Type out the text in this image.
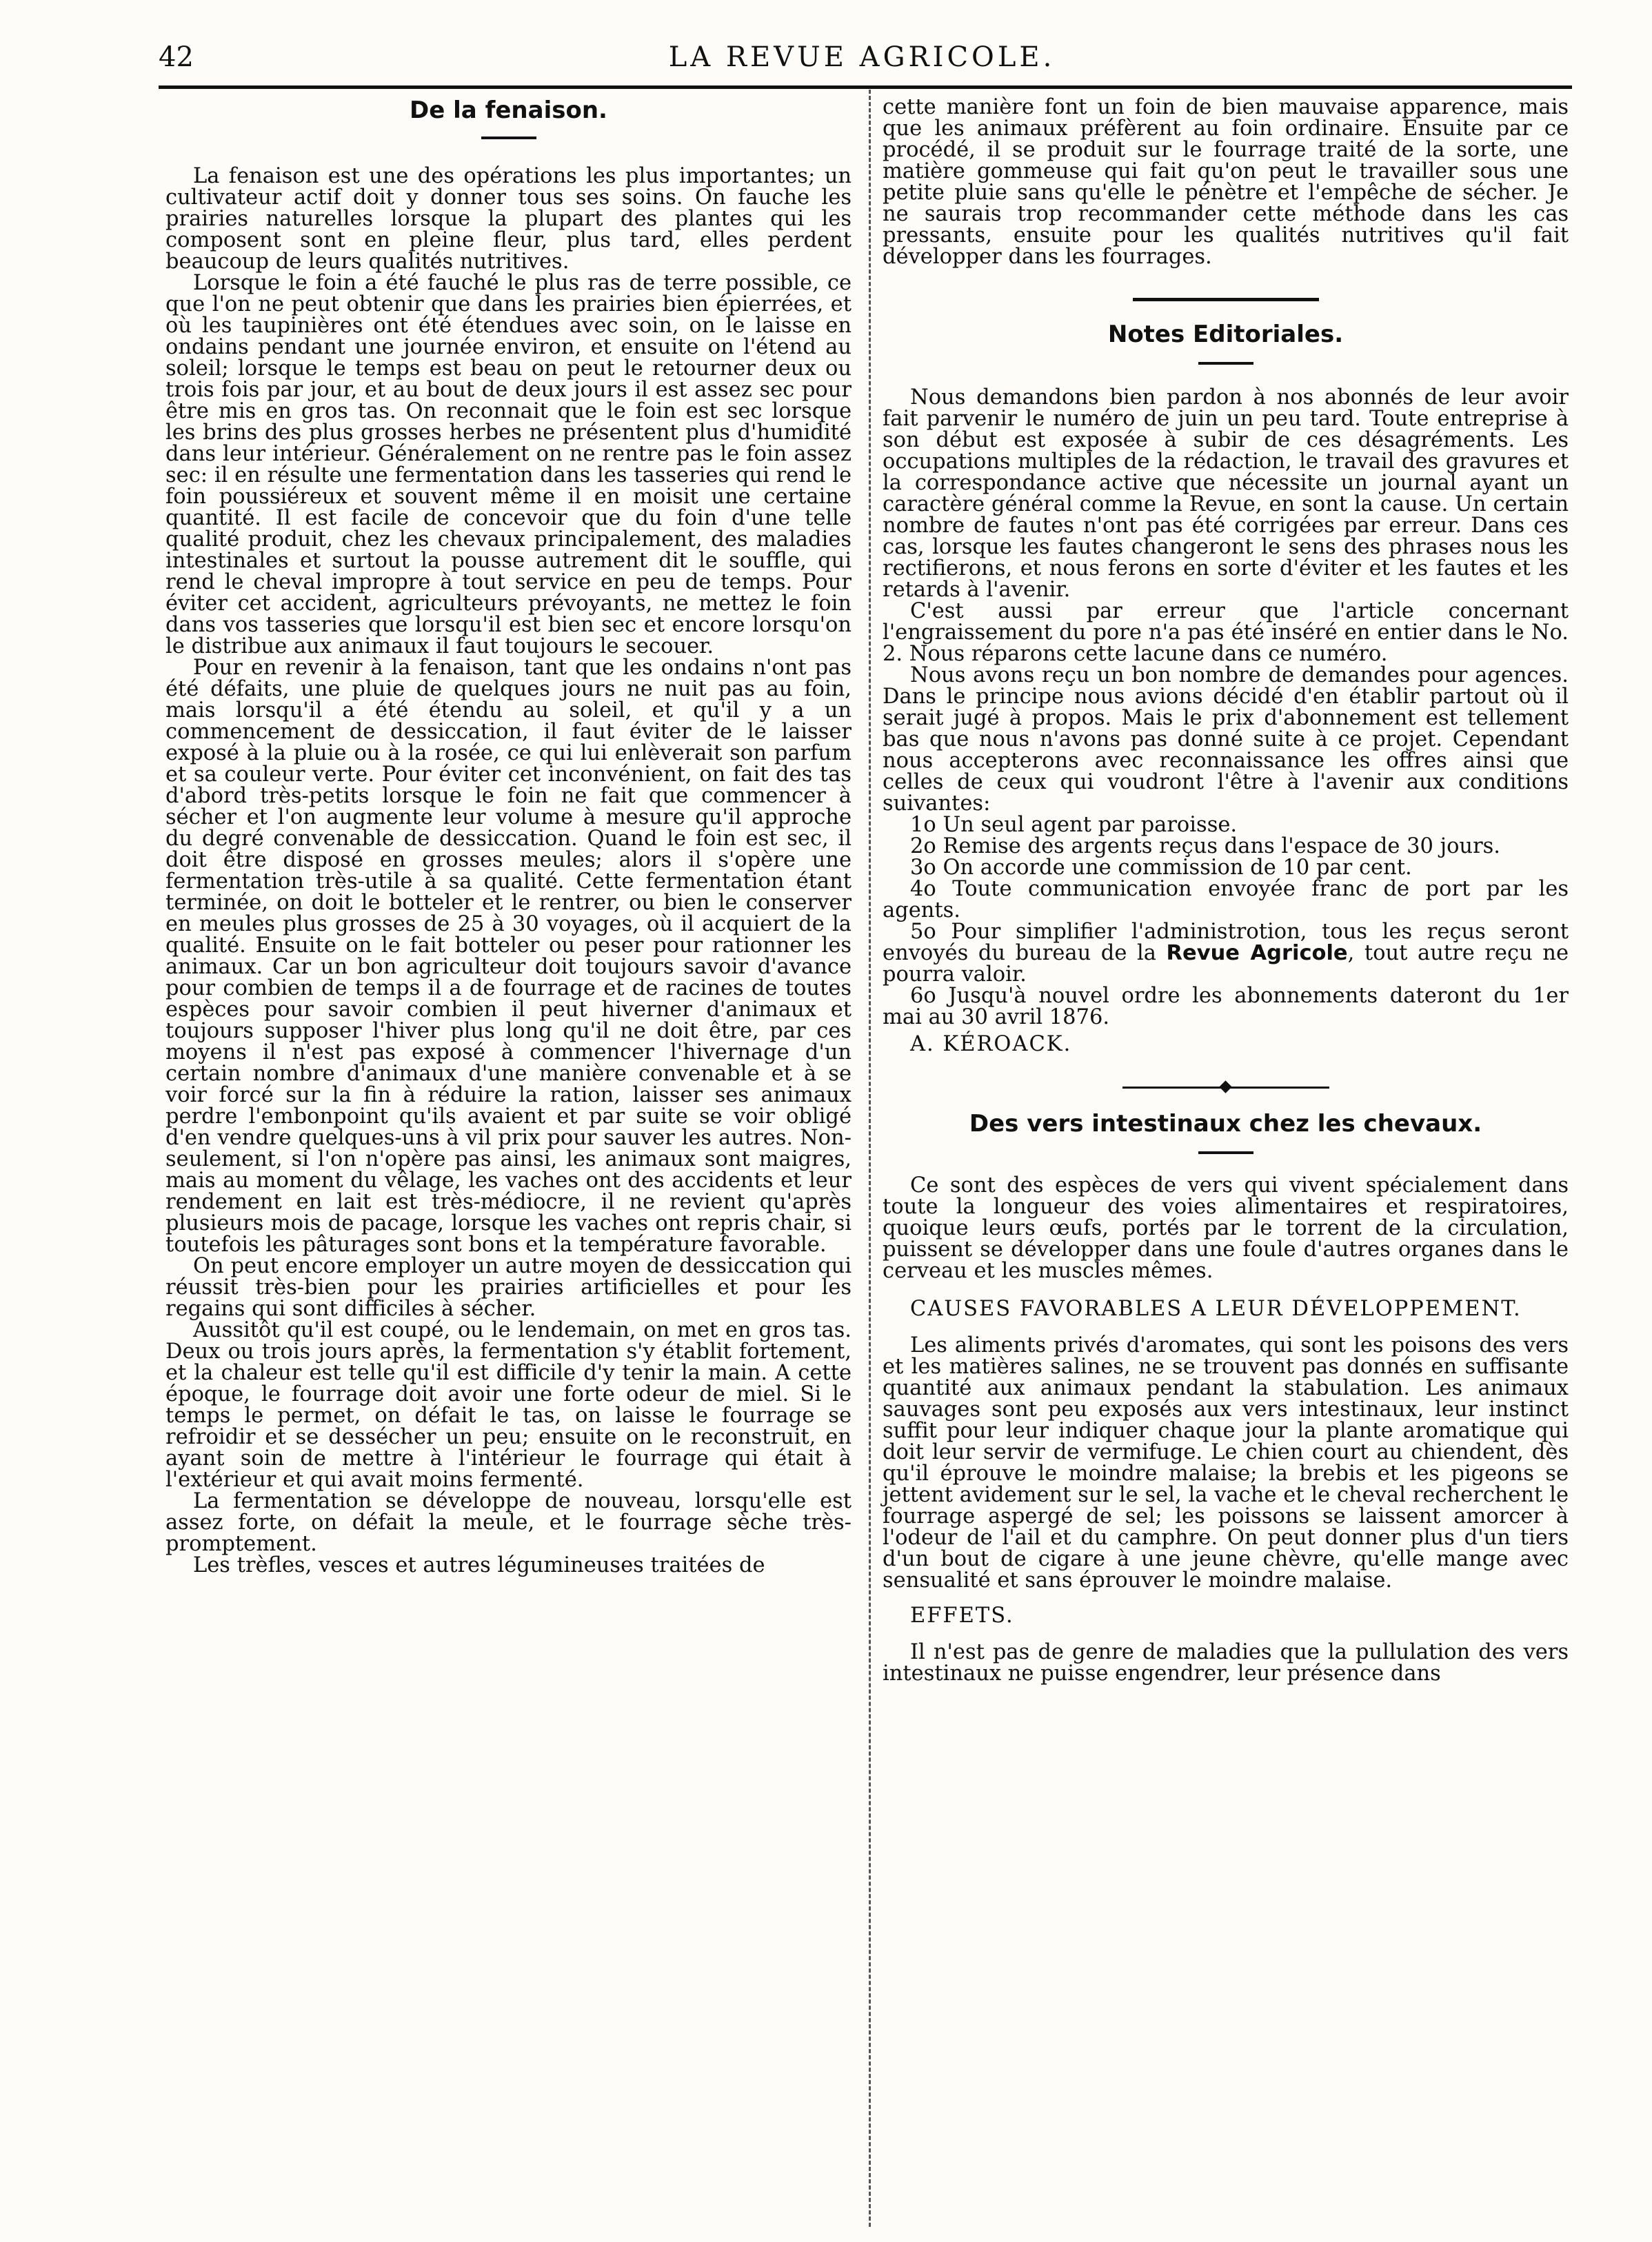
42	LA REVUE AGRICOLE.
De la fenaison.

La fenaison est une des opérations les plus importantes; un cultivateur actif doit y donner tous ses soins. On fauche les prairies naturelles lorsque la plupart des plantes qui les composent sont en pleine fleur, plus tard, elles perdent beaucoup de leurs qualités nutritives.

Lorsque le foin a été fauché le plus ras de terre possible, ce que l'on ne peut obtenir que dans les prairies bien épierrées, et où les taupinières ont été étendues avec soin, on le laisse en ondains pendant une journée environ, et ensuite on l'étend au soleil; lorsque le temps est beau on peut le retourner deux ou trois fois par jour, et au bout de deux jours il est assez sec pour être mis en gros tas. On reconnait que le foin est sec lorsque les brins des plus grosses herbes ne présentent plus d'humidité dans leur intérieur. Généralement on ne rentre pas le foin assez sec: il en résulte une fermentation dans les tasseries qui rend le foin poussiéreux et souvent même il en moisit une certaine quantité. Il est facile de concevoir que du foin d'une telle qualité produit, chez les chevaux principalement, des maladies intestinales et surtout la pousse autrement dit le souffle, qui rend le cheval impropre à tout service en peu de temps. Pour éviter cet accident, agriculteurs prévoyants, ne mettez le foin dans vos tasseries que lorsqu'il est bien sec et encore lorsqu'on le distribue aux animaux il faut toujours le secouer.

Pour en revenir à la fenaison, tant que les ondains n'ont pas été défaits, une pluie de quelques jours ne nuit pas au foin, mais lorsqu'il a été étendu au soleil, et qu'il y a un commencement de dessiccation, il faut éviter de le laisser exposé à la pluie ou à la rosée, ce qui lui enlèverait son parfum et sa couleur verte. Pour éviter cet inconvénient, on fait des tas d'abord très-petits lorsque le foin ne fait que commencer à sécher et l'on augmente leur volume à mesure qu'il approche du degré convenable de dessiccation. Quand le foin est sec, il doit être disposé en grosses meules; alors il s'opère une fermentation très-utile à sa qualité. Cette fermentation étant terminée, on doit le botteler et le rentrer, ou bien le conserver en meules plus grosses de 25 à 30 voyages, où il acquiert de la qualité. Ensuite on le fait botteler ou peser pour rationner les animaux. Car un bon agriculteur doit toujours savoir d'avance pour combien de temps il a de fourrage et de racines de toutes espèces pour savoir combien il peut hiverner d'animaux et toujours supposer l'hiver plus long qu'il ne doit être, par ces moyens il n'est pas exposé à commencer l'hivernage d'un certain nombre d'animaux d'une manière convenable et à se voir forcé sur la fin à réduire la ration, laisser ses animaux perdre l'embonpoint qu'ils avaient et par suite se voir obligé d'en vendre quelques-uns à vil prix pour sauver les autres. Non-seulement, si l'on n'opère pas ainsi, les animaux sont maigres, mais au moment du vêlage, les vaches ont des accidents et leur rendement en lait est très-médiocre, il ne revient qu'après plusieurs mois de pacage, lorsque les vaches ont repris chair, si toutefois les pâturages sont bons et la température favorable.

On peut encore employer un autre moyen de dessiccation qui réussit très-bien pour les prairies artificielles et pour les regains qui sont difficiles à sécher.

Aussitôt qu'il est coupé, ou le lendemain, on met en gros tas. Deux ou trois jours après, la fermentation s'y établit fortement, et la chaleur est telle qu'il est difficile d'y tenir la main. A cette époque, le fourrage doit avoir une forte odeur de miel. Si le temps le permet, on défait le tas, on laisse le fourrage se refroidir et se dessécher un peu; ensuite on le reconstruit, en ayant soin de mettre à l'intérieur le fourrage qui était à l'extérieur et qui avait moins fermenté.

La fermentation se développe de nouveau, lorsqu'elle est assez forte, on défait la meule, et le fourrage sèche très-promptement.

Les trèfles, vesces et autres légumineuses traitées de

cette manière font un foin de bien mauvaise apparence, mais que les animaux préfèrent au foin ordinaire. Ensuite par ce procédé, il se produit sur le fourrage traité de la sorte, une matière gommeuse qui fait qu'on peut le travailler sous une petite pluie sans qu'elle le pénètre et l'empêche de sécher. Je ne saurais trop recommander cette méthode dans les cas pressants, ensuite pour les qualités nutritives qu'il fait développer dans les fourrages.

Notes Editoriales.

Nous demandons bien pardon à nos abonnés de leur avoir fait parvenir le numéro de juin un peu tard. Toute entreprise à son début est exposée à subir de ces désagréments. Les occupations multiples de la rédaction, le travail des gravures et la correspondance active que nécessite un journal ayant un caractère général comme la Revue, en sont la cause. Un certain nombre de fautes n'ont pas été corrigées par erreur. Dans ces cas, lorsque les fautes changeront le sens des phrases nous les rectifierons, et nous ferons en sorte d'éviter et les fautes et les retards à l'avenir.

C'est aussi par erreur que l'article concernant l'engraissement du pore n'a pas été inséré en entier dans le No. 2. Nous réparons cette lacune dans ce numéro.

Nous avons reçu un bon nombre de demandes pour agences. Dans le principe nous avions décidé d'en établir partout où il serait jugé à propos. Mais le prix d'abonnement est tellement bas que nous n'avons pas donné suite à ce projet. Cependant nous accepterons avec reconnaissance les offres ainsi que celles de ceux qui voudront l'être à l'avenir aux conditions suivantes:

1o Un seul agent par paroisse.

2o Remise des argents reçus dans l'espace de 30 jours.

3o On accorde une commission de 10 par cent.

4o Toute communication envoyée franc de port par les agents.

5o Pour simplifier l'administrotion, tous les reçus seront envoyés du bureau de la Revue Agricole, tout autre reçu ne pourra valoir.

6o Jusqu'à nouvel ordre les abonnements dateront du 1er mai au 30 avril 1876.

A. KÉROACK.

Des vers intestinaux chez les chevaux.

Ce sont des espèces de vers qui vivent spécialement dans toute la longueur des voies alimentaires et respiratoires, quoique leurs œufs, portés par le torrent de la circulation, puissent se développer dans une foule d'autres organes dans le cerveau et les muscles mêmes.

CAUSES FAVORABLES A LEUR DÉVELOPPEMENT.

Les aliments privés d'aromates, qui sont les poisons des vers et les matières salines, ne se trouvent pas donnés en suffisante quantité aux animaux pendant la stabulation. Les animaux sauvages sont peu exposés aux vers intestinaux, leur instinct suffit pour leur indiquer chaque jour la plante aromatique qui doit leur servir de vermifuge. Le chien court au chiendent, dès qu'il éprouve le moindre malaise; la brebis et les pigeons se jettent avidement sur le sel, la vache et le cheval recherchent le fourrage aspergé de sel; les poissons se laissent amorcer à l'odeur de l'ail et du camphre. On peut donner plus d'un tiers d'un bout de cigare à une jeune chèvre, qu'elle mange avec sensualité et sans éprouver le moindre malaise.

EFFETS.

Il n'est pas de genre de maladies que la pullulation des vers intestinaux ne puisse engendrer, leur présence dans
